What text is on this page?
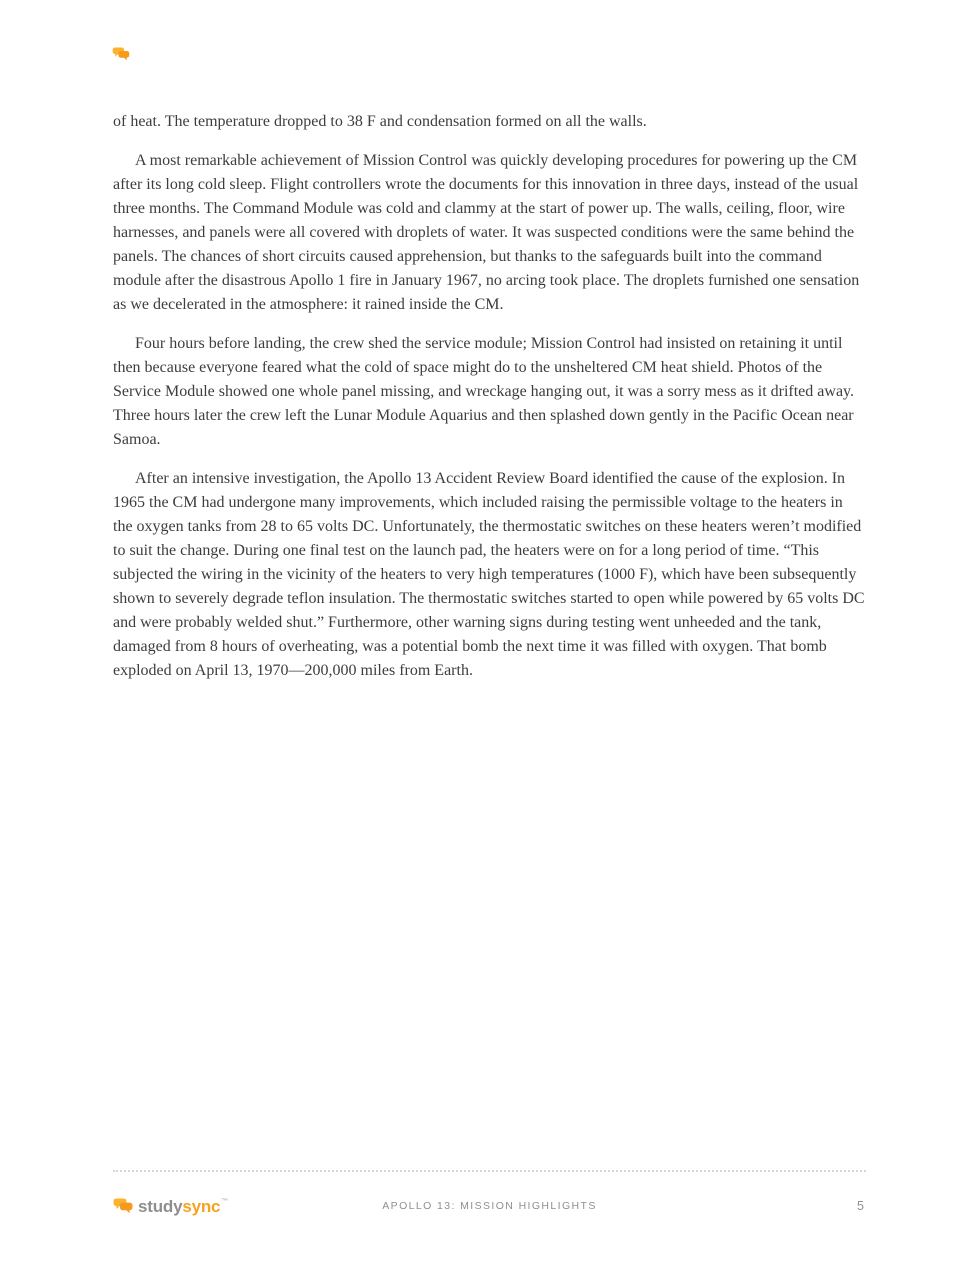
of heat. The temperature dropped to 38 F and condensation formed on all the walls.

A most remarkable achievement of Mission Control was quickly developing procedures for powering up the CM after its long cold sleep. Flight controllers wrote the documents for this innovation in three days, instead of the usual three months. The Command Module was cold and clammy at the start of power up. The walls, ceiling, floor, wire harnesses, and panels were all covered with droplets of water. It was suspected conditions were the same behind the panels. The chances of short circuits caused apprehension, but thanks to the safeguards built into the command module after the disastrous Apollo 1 fire in January 1967, no arcing took place. The droplets furnished one sensation as we decelerated in the atmosphere: it rained inside the CM.

Four hours before landing, the crew shed the service module; Mission Control had insisted on retaining it until then because everyone feared what the cold of space might do to the unsheltered CM heat shield. Photos of the Service Module showed one whole panel missing, and wreckage hanging out, it was a sorry mess as it drifted away. Three hours later the crew left the Lunar Module Aquarius and then splashed down gently in the Pacific Ocean near Samoa.

After an intensive investigation, the Apollo 13 Accident Review Board identified the cause of the explosion. In 1965 the CM had undergone many improvements, which included raising the permissible voltage to the heaters in the oxygen tanks from 28 to 65 volts DC. Unfortunately, the thermostatic switches on these heaters weren’t modified to suit the change. During one final test on the launch pad, the heaters were on for a long period of time. “This subjected the wiring in the vicinity of the heaters to very high temperatures (1000 F), which have been subsequently shown to severely degrade teflon insulation. The thermostatic switches started to open while powered by 65 volts DC and were probably welded shut.” Furthermore, other warning signs during testing went unheeded and the tank, damaged from 8 hours of overheating, was a potential bomb the next time it was filled with oxygen. That bomb exploded on April 13, 1970—200,000 miles from Earth.

studysync™	APOLLO 13: MISSION HIGHLIGHTS	5
